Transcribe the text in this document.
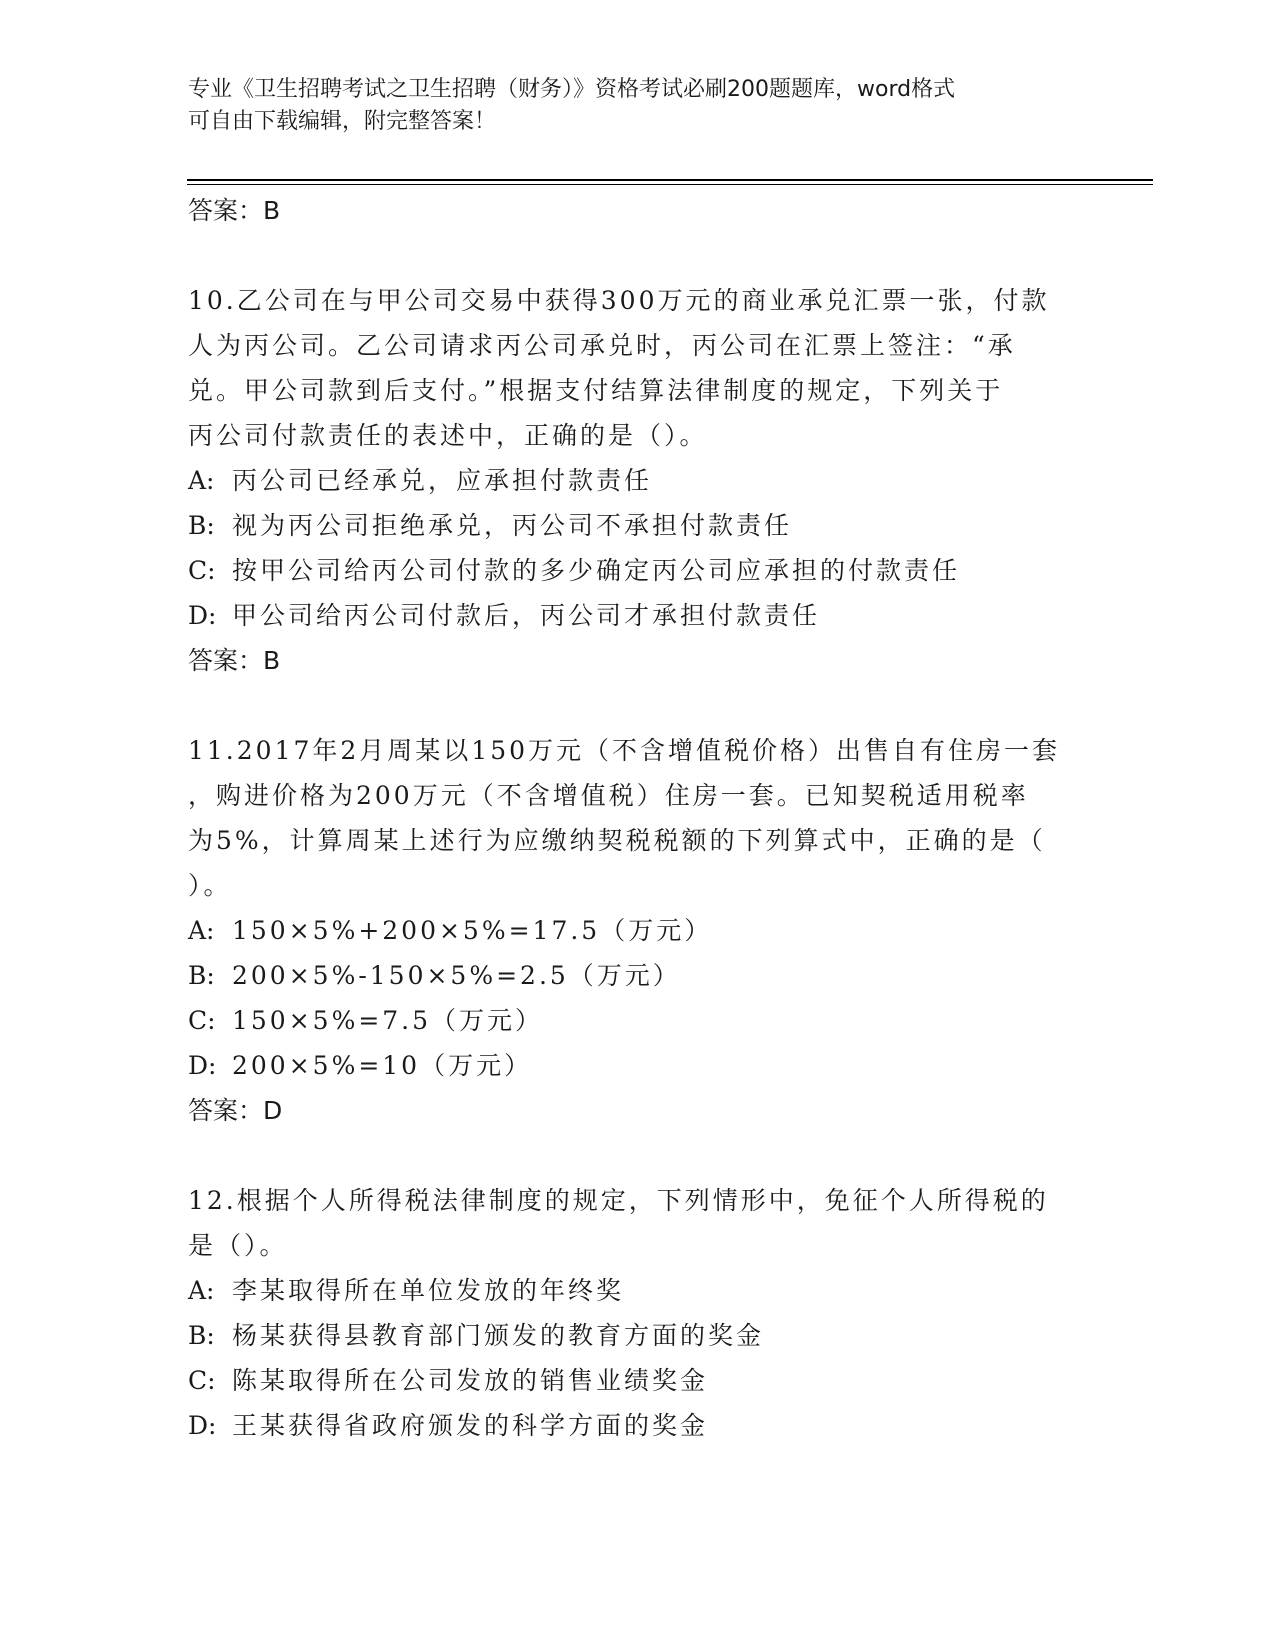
专业《卫生招聘考试之卫生招聘（财务）》资格考试必刷200题题库，word格式
可自由下载编辑，附完整答案！
答案：B
10.乙公司在与甲公司交易中获得300万元的商业承兑汇票一张，付款
人为丙公司。乙公司请求丙公司承兑时，丙公司在汇票上签注：“承
兑。甲公司款到后支付。”根据支付结算法律制度的规定，下列关于
丙公司付款责任的表述中，正确的是（）。
A: 丙公司已经承兑，应承担付款责任
B: 视为丙公司拒绝承兑，丙公司不承担付款责任
C: 按甲公司给丙公司付款的多少确定丙公司应承担的付款责任
D: 甲公司给丙公司付款后，丙公司才承担付款责任
答案：B
11.2017年2月周某以150万元（不含增值税价格）出售自有住房一套
，购进价格为200万元（不含增值税）住房一套。已知契税适用税率
为5%，计算周某上述行为应缴纳契税税额的下列算式中，正确的是（
）。
A: 150×5%+200×5%=17.5（万元）
B: 200×5%-150×5%=2.5（万元）
C: 150×5%=7.5（万元）
D: 200×5%=10（万元）
答案：D
12.根据个人所得税法律制度的规定，下列情形中，免征个人所得税的
是（）。
A: 李某取得所在单位发放的年终奖
B: 杨某获得县教育部门颁发的教育方面的奖金
C: 陈某取得所在公司发放的销售业绩奖金
D: 王某获得省政府颁发的科学方面的奖金
